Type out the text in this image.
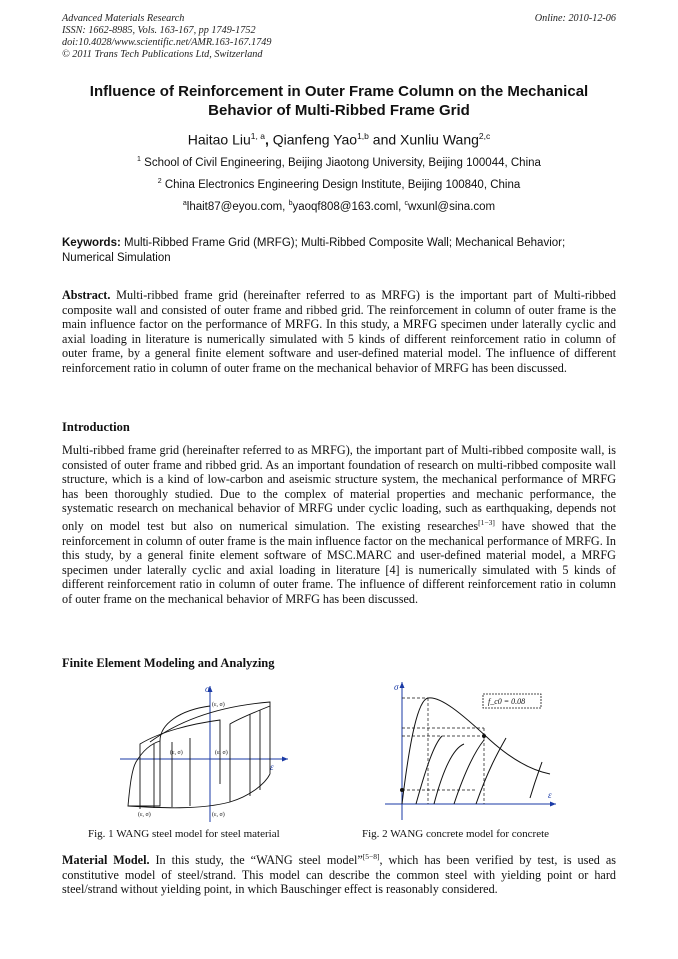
Advanced Materials Research
ISSN: 1662-8985, Vols. 163-167, pp 1749-1752
doi:10.4028/www.scientific.net/AMR.163-167.1749
© 2011 Trans Tech Publications Ltd, Switzerland
Online: 2010-12-06
Influence of Reinforcement in Outer Frame Column on the Mechanical Behavior of Multi-Ribbed Frame Grid
Haitao Liu$^{1, a}$, Qianfeng Yao$^{1,b}$ and Xunliu Wang$^{2,c}$
$^1$ School of Civil Engineering, Beijing Jiaotong University, Beijing 100044, China
$^2$ China Electronics Engineering Design Institute, Beijing 100840, China
$^a$lhait87@eyou.com, $^b$yaoqf808@163.coml, $^c$wxunl@sina.com
Keywords: Multi-Ribbed Frame Grid (MRFG); Multi-Ribbed Composite Wall; Mechanical Behavior; Numerical Simulation
Abstract. Multi-ribbed frame grid (hereinafter referred to as MRFG) is the important part of Multi-ribbed composite wall and consisted of outer frame and ribbed grid. The reinforcement in column of outer frame is the main influence factor on the performance of MRFG. In this study, a MRFG specimen under laterally cyclic and axial loading in literature is numerically simulated with 5 kinds of different reinforcement ratio in column of outer frame, by a general finite element software and user-defined material model. The influence of different reinforcement ratio in column of outer frame on the mechanical behavior of MRFG has been discussed.
Introduction
Multi-ribbed frame grid (hereinafter referred to as MRFG), the important part of Multi-ribbed composite wall, is consisted of outer frame and ribbed grid. As an important foundation of research on multi-ribbed composite wall structure, which is a kind of low-carbon and aseismic structure system, the mechanical performance of MRFG has been thoroughly studied. Due to the complex of material properties and mechanic performance, the systematic research on mechanical behavior of MRFG under cyclic loading, such as earthquaking, depends not only on model test but also on numerical simulation. The existing researches[1−3] have showed that the reinforcement in column of outer frame is the main influence factor on the mechanical performance of MRFG. In this study, by a general finite element software of MSC.MARC and user-defined material model, a MRFG specimen under laterally cyclic and axial loading in literature [4] is numerically simulated with 5 kinds of different reinforcement ratio in column of outer frame. The influence of different reinforcement ratio in column of outer frame on the mechanical behavior of MRFG has been discussed.
Finite Element Modeling and Analyzing
σ
ε
(ε, σ)
(ε, σ)	(ε, σ)
(ε, σ)	(ε, σ)
Fig. 1 WANG steel model for steel material
σ
ε
f_c0 = 0.08
Fig. 2 WANG concrete model for concrete
Material Model. In this study, the “WANG steel model”[5−8], which has been verified by test, is used as constitutive model of steel/strand. This model can describe the common steel with yielding point or hard steel/strand without yielding point, in which Bauschinger effect is reasonably considered.
